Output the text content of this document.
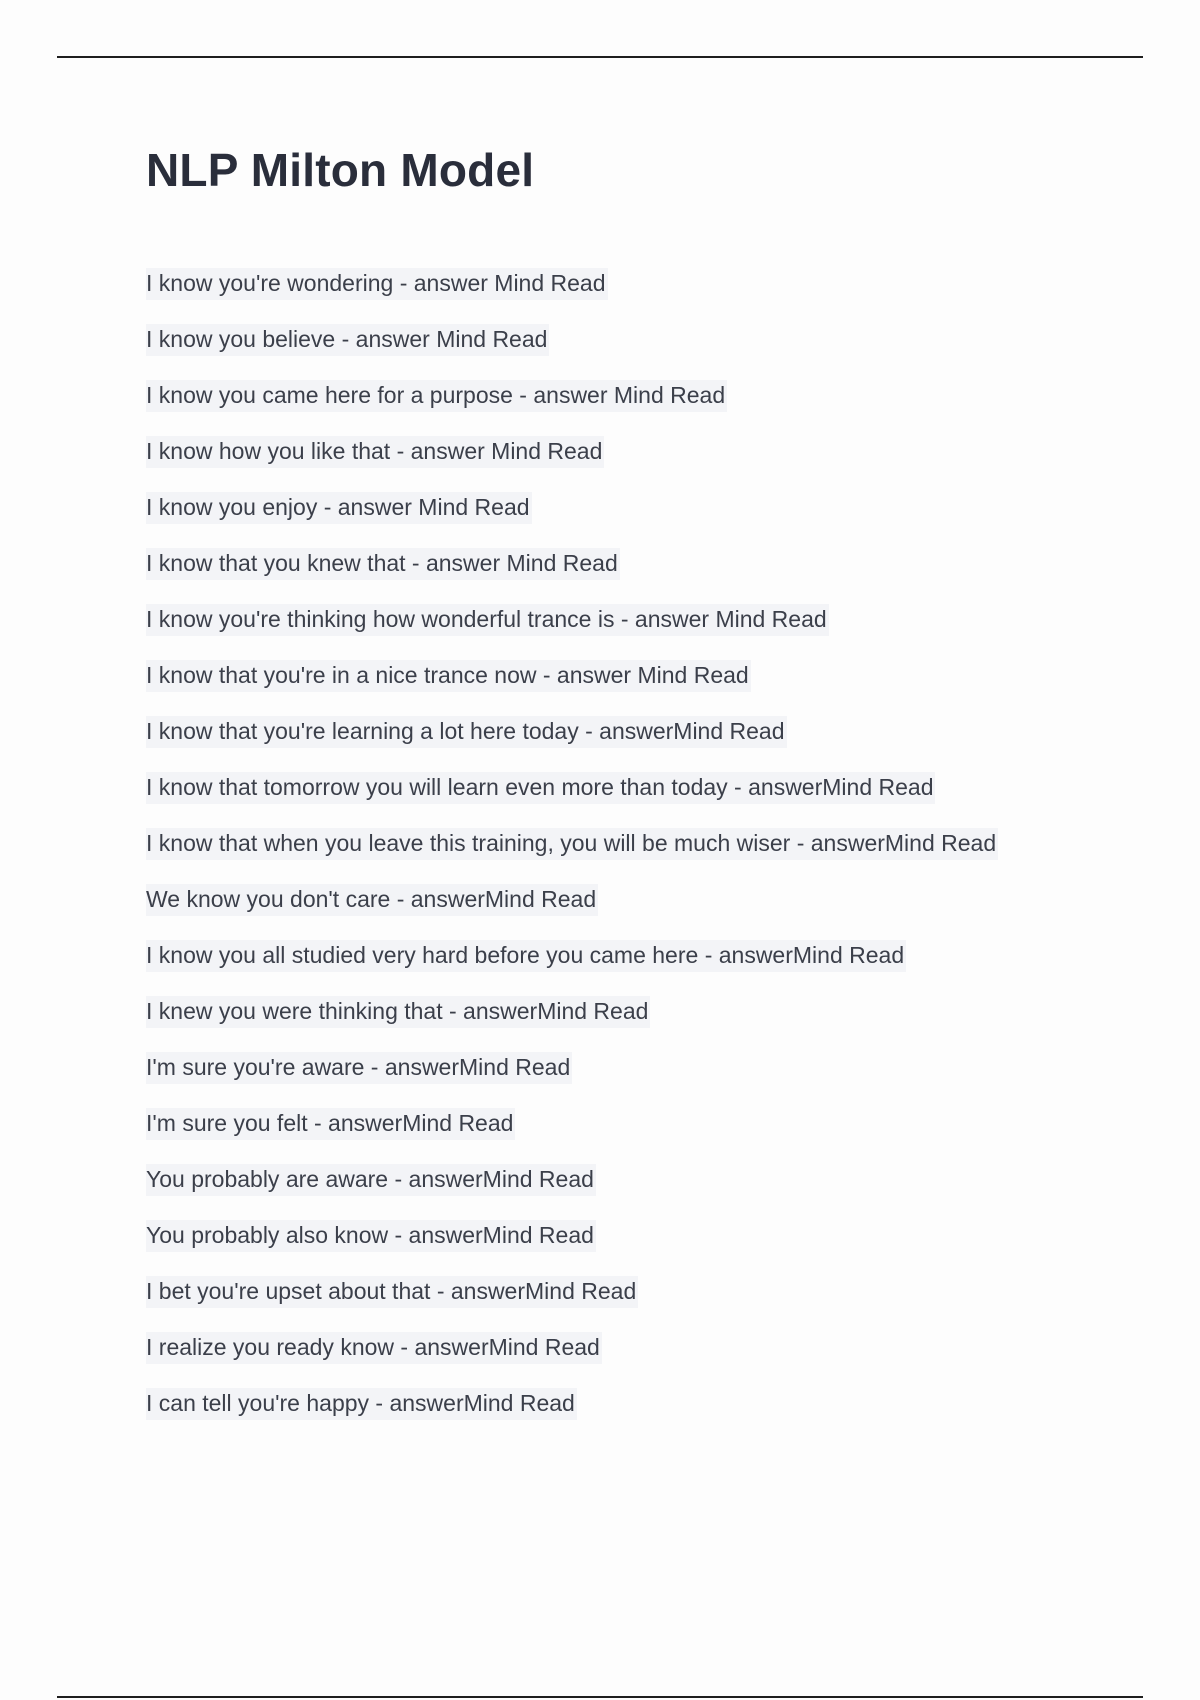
NLP Milton Model
I know you're wondering - answer Mind Read
I know you believe - answer Mind Read
I know you came here for a purpose - answer Mind Read
I know how you like that - answer Mind Read
I know you enjoy - answer Mind Read
I know that you knew that - answer Mind Read
I know you're thinking how wonderful trance is - answer Mind Read
I know that you're in a nice trance now - answer Mind Read
I know that you're learning a lot here today - answerMind Read
I know that tomorrow you will learn even more than today - answerMind Read
I know that when you leave this training, you will be much wiser - answerMind Read
We know you don't care - answerMind Read
I know you all studied very hard before you came here - answerMind Read
I knew you were thinking that - answerMind Read
I'm sure you're aware - answerMind Read
I'm sure you felt - answerMind Read
You probably are aware - answerMind Read
You probably also know - answerMind Read
I bet you're upset about that - answerMind Read
I realize you ready know - answerMind Read
I can tell you're happy - answerMind Read
